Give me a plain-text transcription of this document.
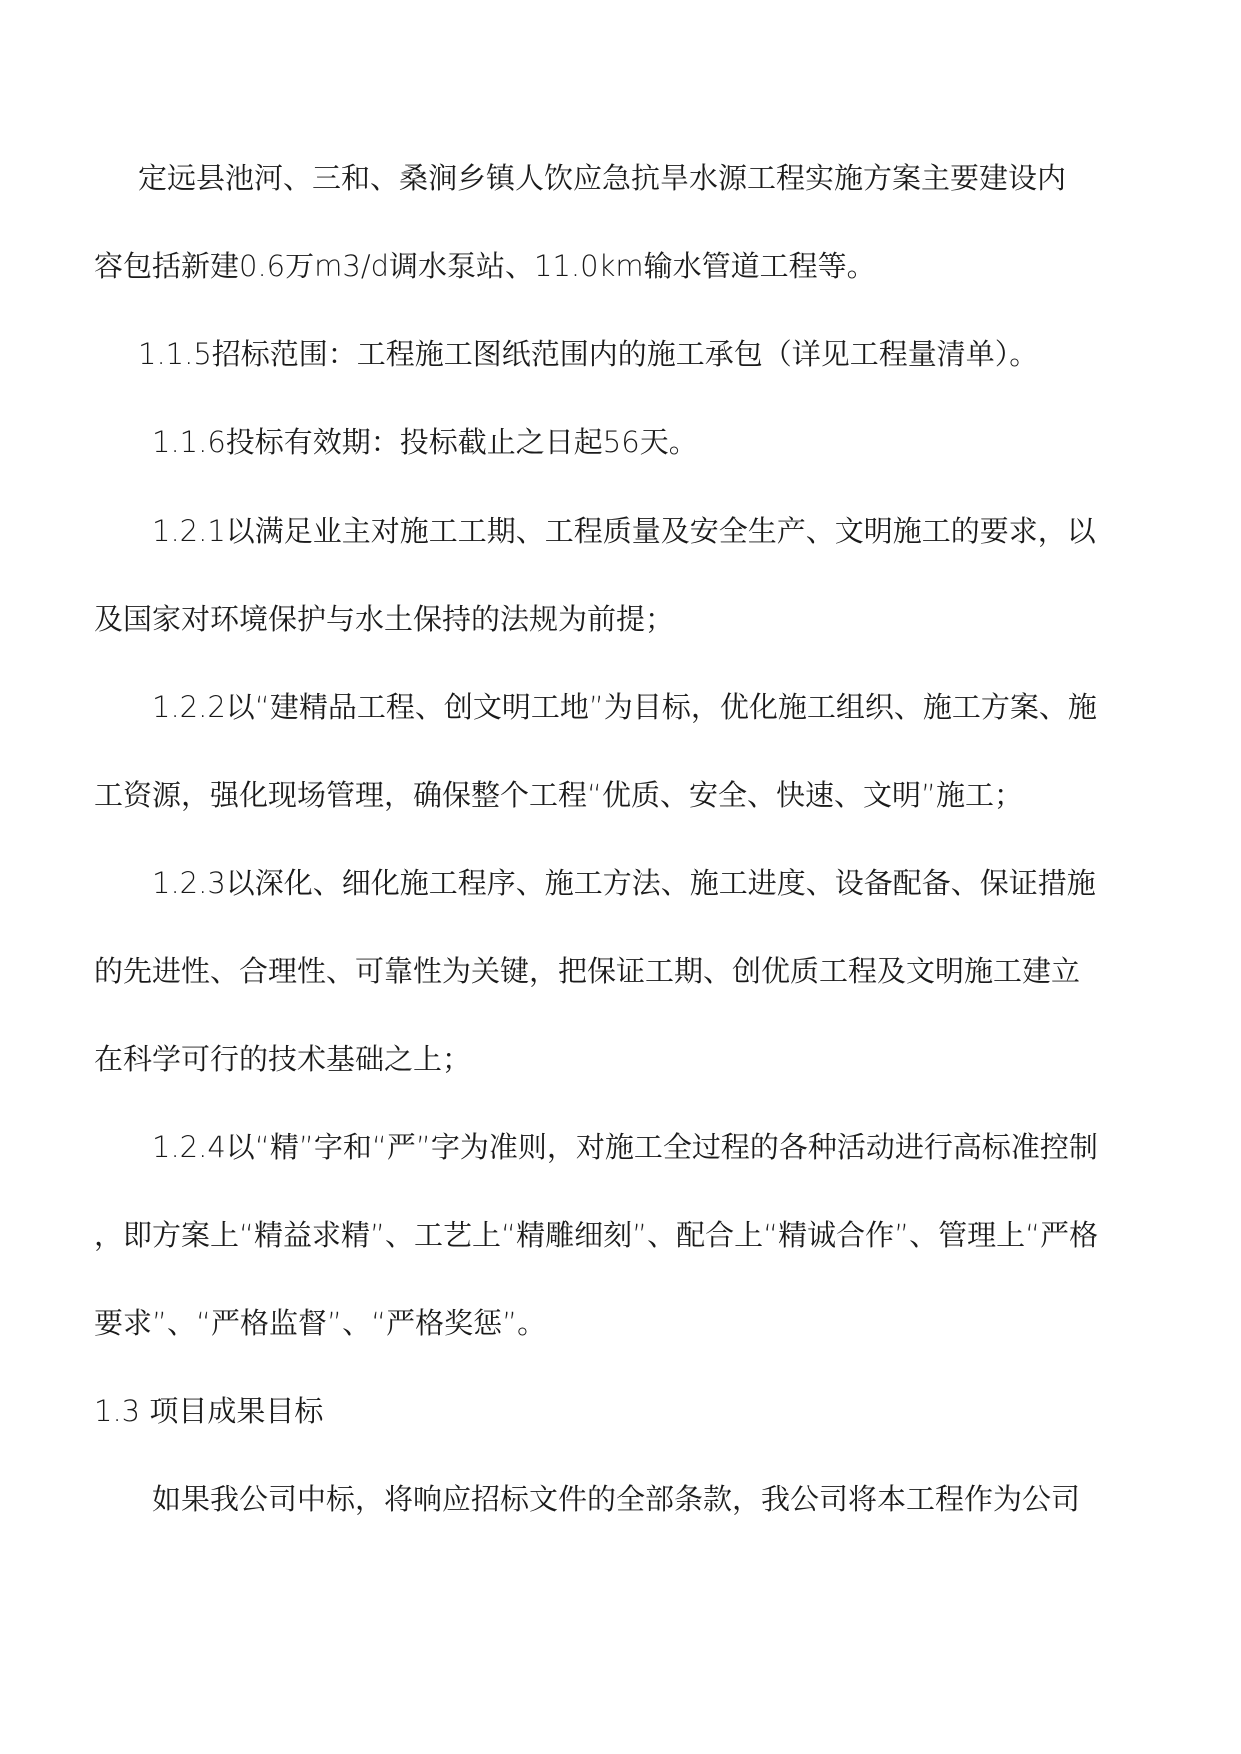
定远县池河、三和、桑涧乡镇人饮应急抗旱水源工程实施方案主要建设内
容包括新建0.6万m3/d调水泵站、11.0km输水管道工程等。
1.1.5招标范围：工程施工图纸范围内的施工承包（详见工程量清单）。
1.1.6投标有效期：投标截止之日起56天。
1.2.1以满足业主对施工工期、工程质量及安全生产、文明施工的要求，以
及国家对环境保护与水土保持的法规为前提；
1.2.2以“建精品工程、创文明工地”为目标，优化施工组织、施工方案、施
工资源，强化现场管理，确保整个工程“优质、安全、快速、文明”施工；
1.2.3以深化、细化施工程序、施工方法、施工进度、设备配备、保证措施
的先进性、合理性、可靠性为关键，把保证工期、创优质工程及文明施工建立
在科学可行的技术基础之上；
1.2.4以“精”字和“严”字为准则，对施工全过程的各种活动进行高标准控制
，即方案上“精益求精”、工艺上“精雕细刻”、配合上“精诚合作”、管理上“严格
要求”、“严格监督”、“严格奖惩”。
1.3 项目成果目标
如果我公司中标，将响应招标文件的全部条款，我公司将本工程作为公司
